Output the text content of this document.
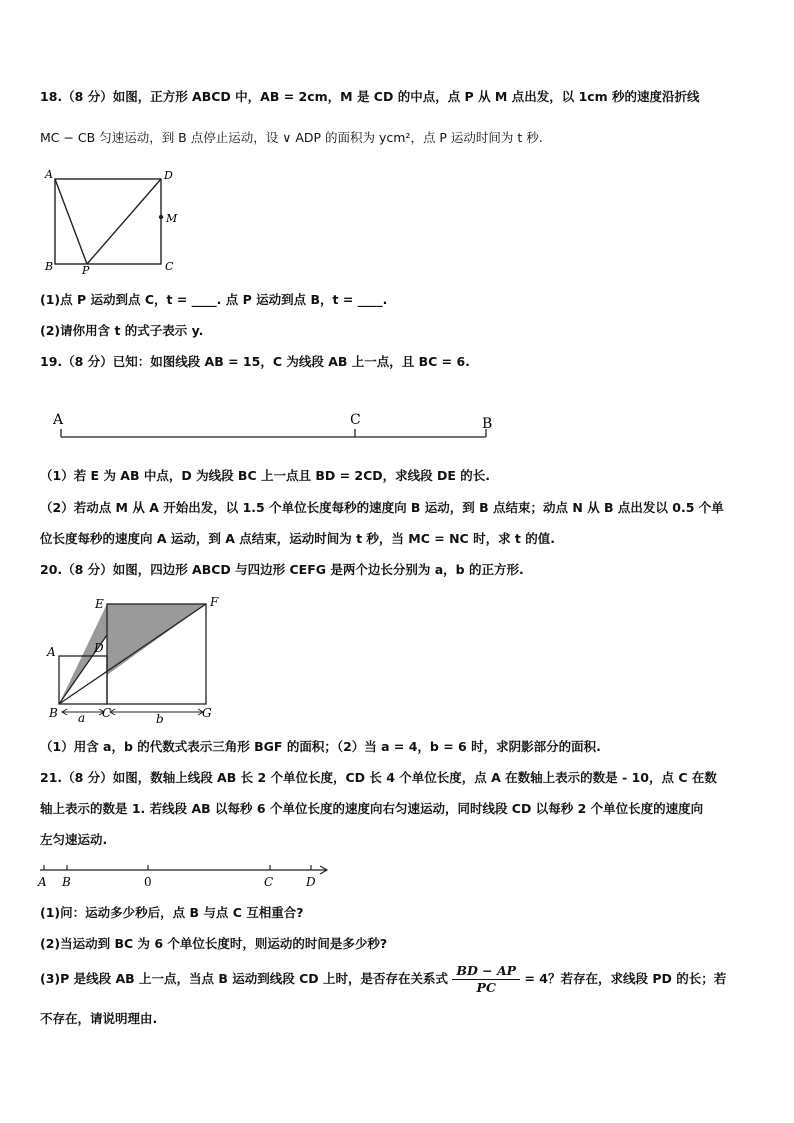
18.（8 分）如图，正方形 ABCD 中，AB = 2cm，M 是 CD 的中点，点 P 从 M 点出发，以 1cm 秒的速度沿折线
MC − CB 匀速运动，到 B 点停止运动，设 ∨ ADP 的面积为 ycm²，点 P 运动时间为 t 秒.
A	D
M
B	P	C
(1)点 P 运动到点 C，t = ____. 点 P 运动到点 B，t = ____.
(2)请你用含 t 的式子表示 y.
19.（8 分）已知：如图线段 AB = 15，C 为线段 AB 上一点，且 BC = 6.
A	C	B
（1）若 E 为 AB 中点，D 为线段 BC 上一点且 BD = 2CD，求线段 DE 的长.
（2）若动点 M 从 A 开始出发，以 1.5 个单位长度每秒的速度向 B 运动，到 B 点结束；动点 N 从 B 点出发以 0.5 个单
位长度每秒的速度向 A 运动，到 A 点结束，运动时间为 t 秒，当 MC = NC 时，求 t 的值.
20.（8 分）如图，四边形 ABCD 与四边形 CEFG 是两个边长分别为 a，b 的正方形.
A	D
E	F
B	C	G
a	b
（1）用含 a，b 的代数式表示三角形 BGF 的面积；（2）当 a = 4，b = 6 时，求阴影部分的面积.
21.（8 分）如图，数轴上线段 AB 长 2 个单位长度，CD 长 4 个单位长度，点 A 在数轴上表示的数是 - 10，点 C 在数
轴上表示的数是 1. 若线段 AB 以每秒 6 个单位长度的速度向右匀速运动，同时线段 CD 以每秒 2 个单位长度的速度向
左匀速运动.
A B	0	C	D
(1)问：运动多少秒后，点 B 与点 C 互相重合?
(2)当运动到 BC 为 6 个单位长度时，则运动的时间是多少秒?
(3)P 是线段 AB 上一点，当点 B 运动到线段 CD 上时，是否存在关系式 $\frac{BD - AP}{PC} = 4$？若存在，求线段 PD 的长；若
不存在，请说明理由.
